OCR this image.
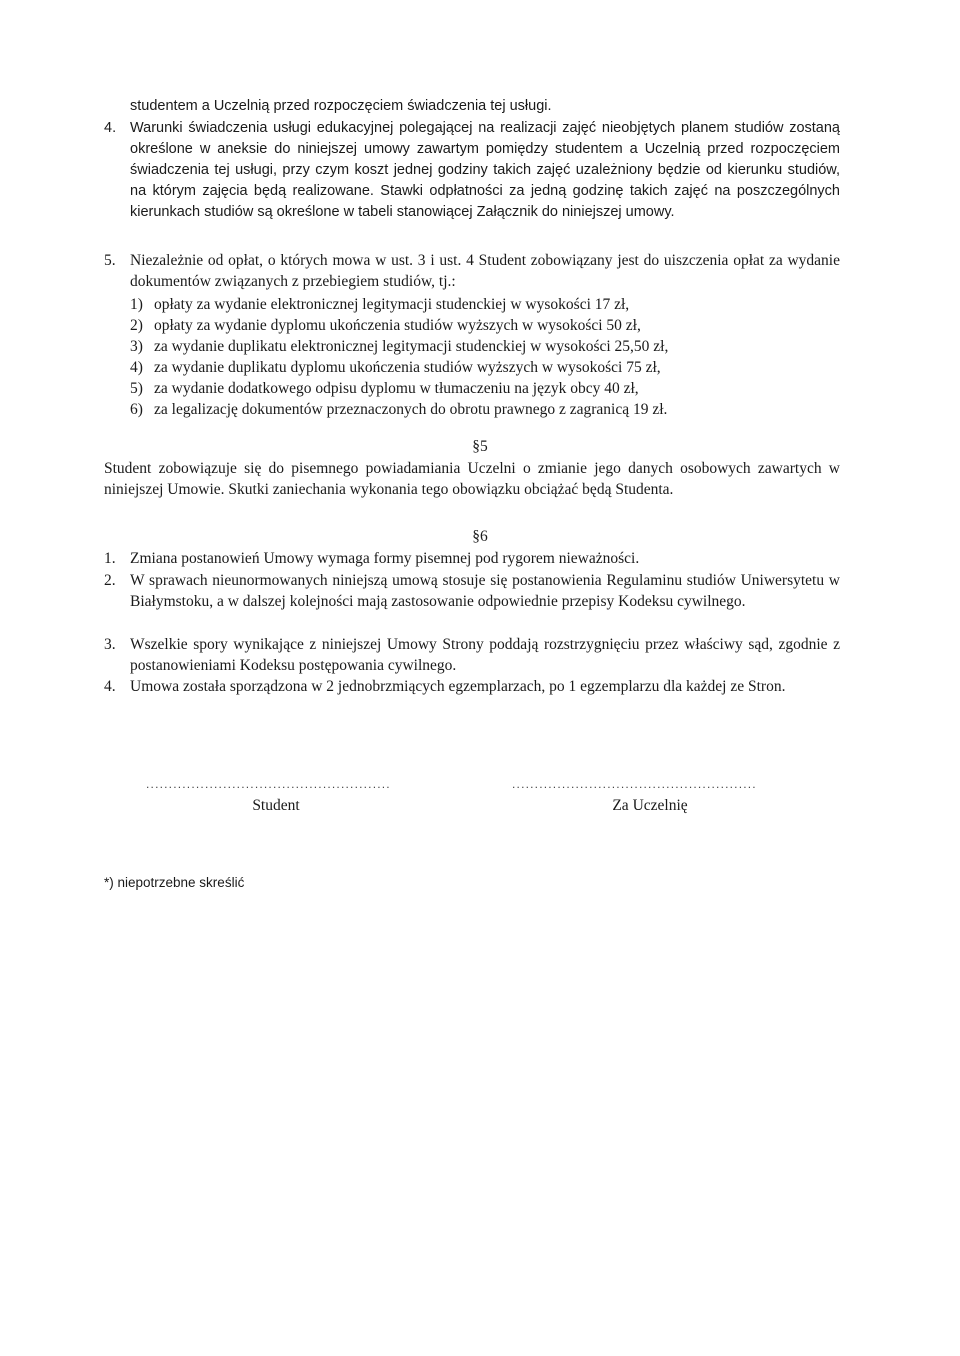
studentem a Uczelnią przed rozpoczęciem świadczenia tej usługi.
4. Warunki świadczenia usługi edukacyjnej polegającej na realizacji zajęć nieobjętych planem studiów zostaną określone w aneksie do niniejszej umowy zawartym pomiędzy studentem a Uczelnią przed rozpoczęciem świadczenia tej usługi, przy czym koszt jednej godziny takich zajęć uzależniony będzie od kierunku studiów, na którym zajęcia będą realizowane. Stawki odpłatności za jedną godzinę takich zajęć na poszczególnych kierunkach studiów są określone w tabeli stanowiącej Załącznik do niniejszej umowy.
5. Niezależnie od opłat, o których mowa w ust. 3 i ust. 4 Student zobowiązany jest do uiszczenia opłat za wydanie dokumentów związanych z przebiegiem studiów, tj.:
1) opłaty za wydanie elektronicznej legitymacji studenckiej w wysokości 17 zł,
2) opłaty za wydanie dyplomu ukończenia studiów wyższych w wysokości 50 zł,
3) za wydanie duplikatu elektronicznej legitymacji studenckiej w wysokości 25,50 zł,
4) za wydanie duplikatu dyplomu ukończenia studiów wyższych w wysokości 75 zł,
5) za wydanie dodatkowego odpisu dyplomu w tłumaczeniu na język obcy 40 zł,
6) za legalizację dokumentów przeznaczonych do obrotu prawnego z zagranicą 19 zł.
§5
Student zobowiązuje się do pisemnego powiadamiania Uczelni o zmianie jego danych osobowych zawartych w niniejszej Umowie. Skutki zaniechania wykonania tego obowiązku obciążać będą Studenta.
§6
1. Zmiana postanowień Umowy wymaga formy pisemnej pod rygorem nieważności.
2. W sprawach nieunormowanych niniejszą umową stosuje się postanowienia Regulaminu studiów Uniwersytetu w Białymstoku, a w dalszej kolejności mają zastosowanie odpowiednie przepisy Kodeksu cywilnego.
3. Wszelkie spory wynikające z niniejszej Umowy Strony poddają rozstrzygnięciu przez właściwy sąd, zgodnie z postanowieniami Kodeksu postępowania cywilnego.
4. Umowa została sporządzona w 2 jednobrzmiących egzemplarzach, po 1 egzemplarzu dla każdej ze Stron.
......................................................
Student
......................................................
Za Uczelnię
*) niepotrzebne skreślić
